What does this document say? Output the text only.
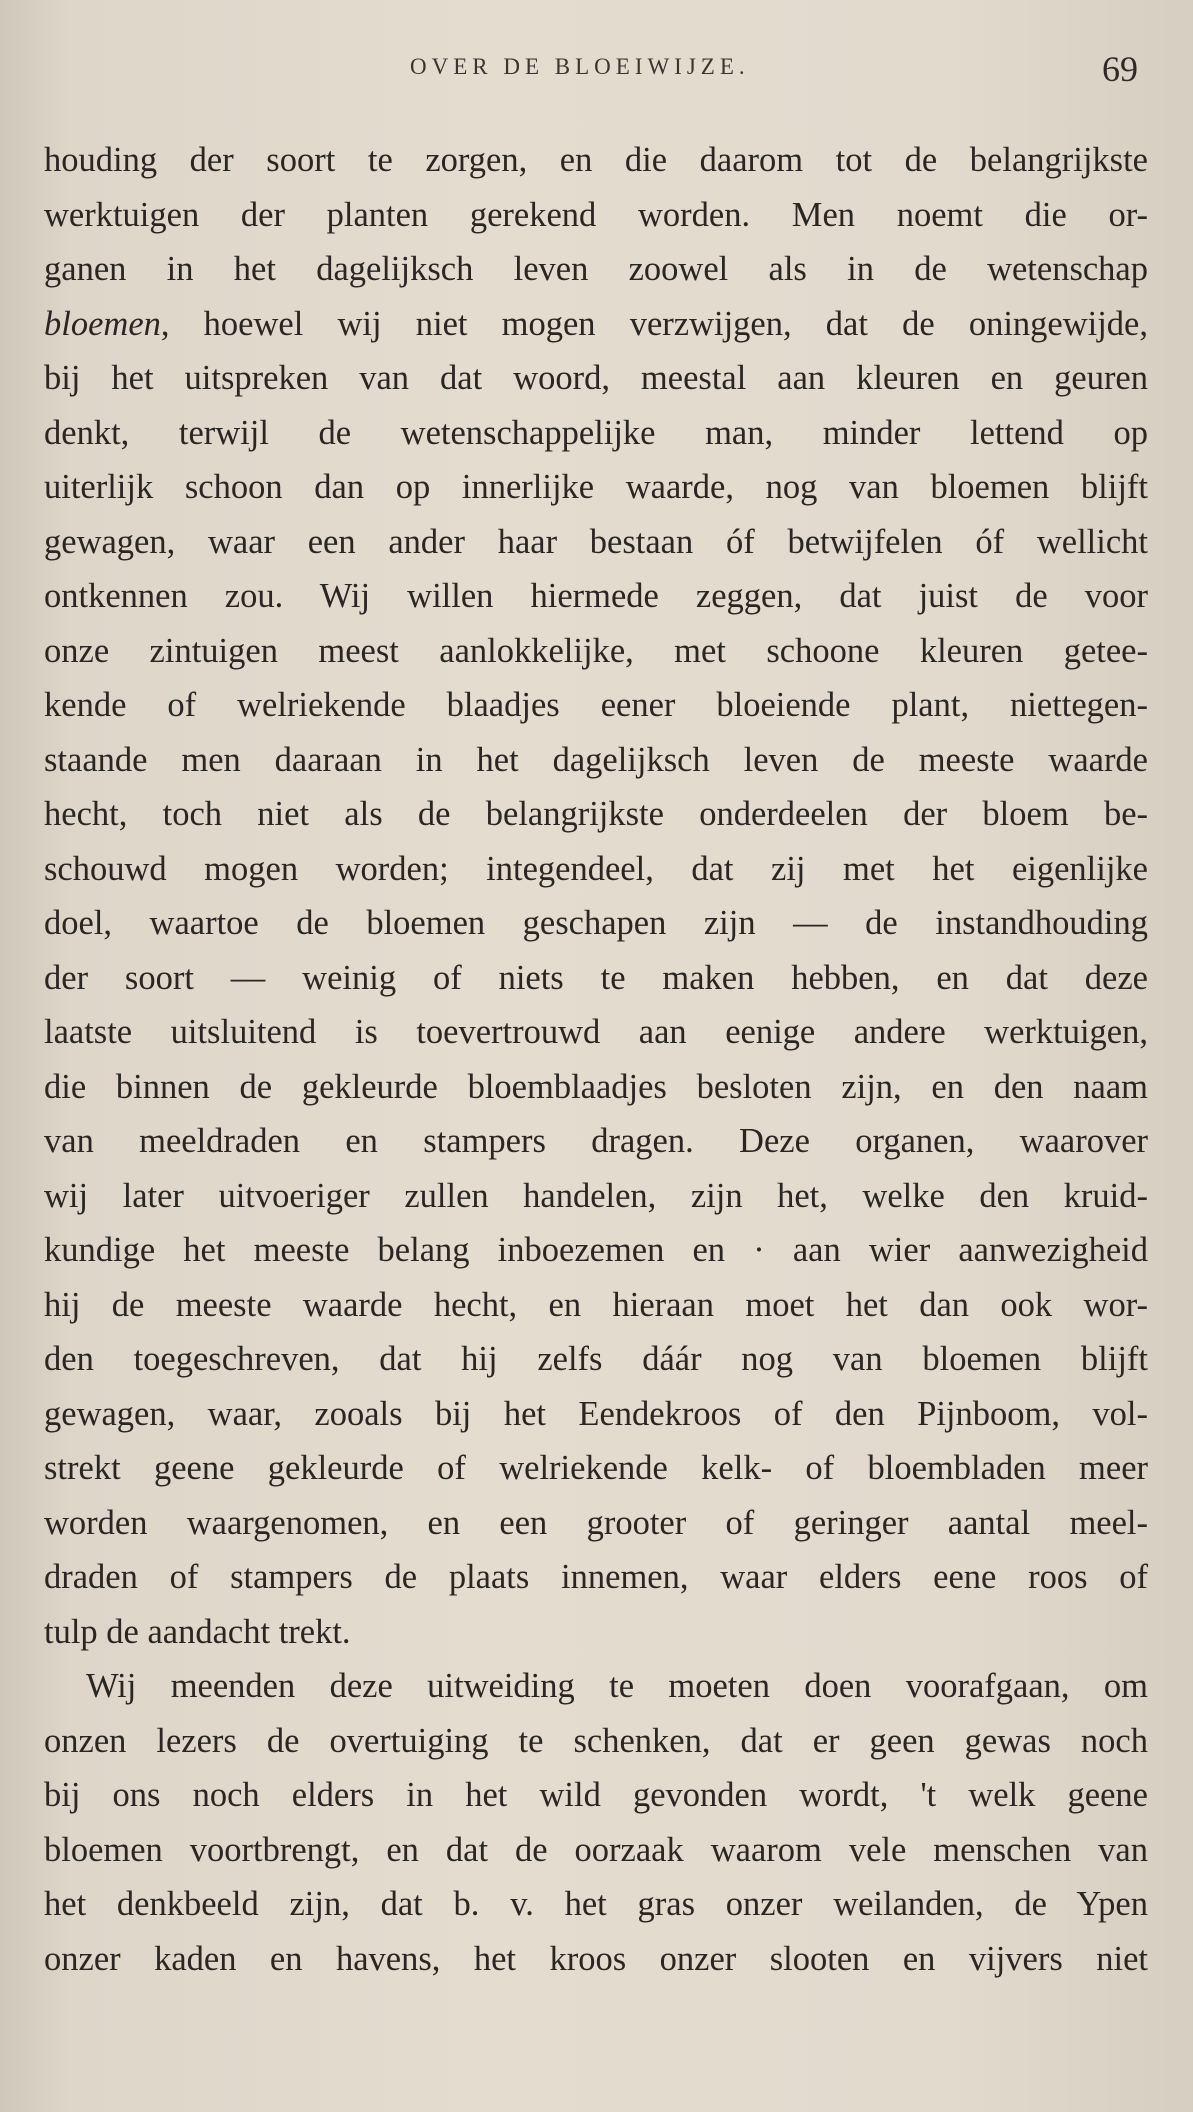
OVER DE BLOEIWIJZE.	69
houding der soort te zorgen, en die daarom tot de belangrijkste
werktuigen der planten gerekend worden. Men noemt die or-
ganen in het dagelijksch leven zoowel als in de wetenschap
bloemen, hoewel wij niet mogen verzwijgen, dat de oningewijde,
bij het uitspreken van dat woord, meestal aan kleuren en geuren
denkt, terwijl de wetenschappelijke man, minder lettend op
uiterlijk schoon dan op innerlijke waarde, nog van bloemen blijft
gewagen, waar een ander haar bestaan óf betwijfelen óf wellicht
ontkennen zou. Wij willen hiermede zeggen, dat juist de voor
onze zintuigen meest aanlokkelijke, met schoone kleuren getee-
kende of welriekende blaadjes eener bloeiende plant, niettegen-
staande men daaraan in het dagelijksch leven de meeste waarde
hecht, toch niet als de belangrijkste onderdeelen der bloem be-
schouwd mogen worden; integendeel, dat zij met het eigenlijke
doel, waartoe de bloemen geschapen zijn — de instandhouding
der soort — weinig of niets te maken hebben, en dat deze
laatste uitsluitend is toevertrouwd aan eenige andere werktuigen,
die binnen de gekleurde bloemblaadjes besloten zijn, en den naam
van meeldraden en stampers dragen. Deze organen, waarover
wij later uitvoeriger zullen handelen, zijn het, welke den kruid-
kundige het meeste belang inboezemen en · aan wier aanwezigheid
hij de meeste waarde hecht, en hieraan moet het dan ook wor-
den toegeschreven, dat hij zelfs dáár nog van bloemen blijft
gewagen, waar, zooals bij het Eendekroos of den Pijnboom, vol-
strekt geene gekleurde of welriekende kelk- of bloembladen meer
worden waargenomen, en een grooter of geringer aantal meel-
draden of stampers de plaats innemen, waar elders eene roos of
tulp de aandacht trekt.
Wij meenden deze uitweiding te moeten doen voorafgaan, om
onzen lezers de overtuiging te schenken, dat er geen gewas noch
bij ons noch elders in het wild gevonden wordt, 't welk geene
bloemen voortbrengt, en dat de oorzaak waarom vele menschen van
het denkbeeld zijn, dat b. v. het gras onzer weilanden, de Ypen
onzer kaden en havens, het kroos onzer slooten en vijvers niet
